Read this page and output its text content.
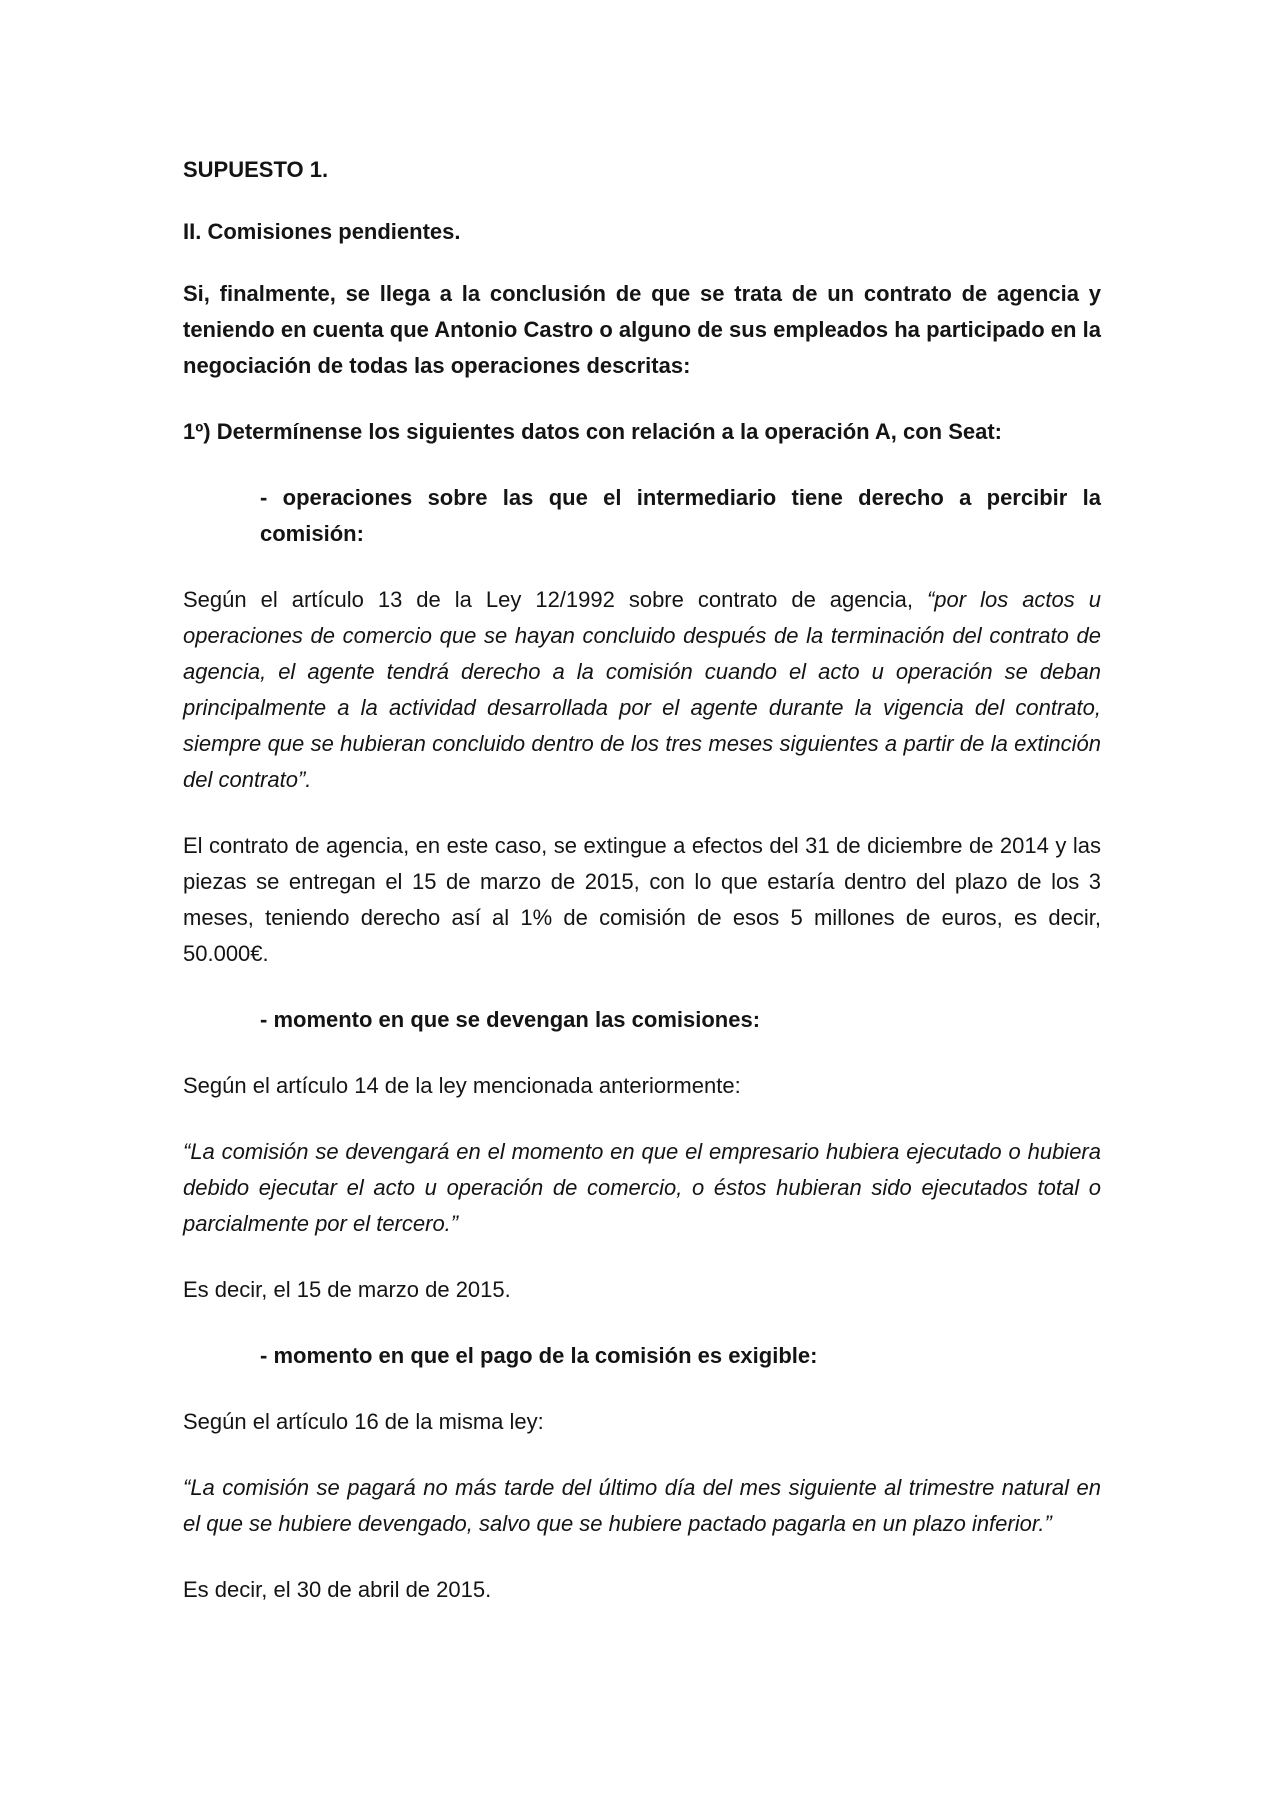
SUPUESTO 1.

II. Comisiones pendientes.

Si, finalmente, se llega a la conclusión de que se trata de un contrato de agencia y teniendo en cuenta que Antonio Castro o alguno de sus empleados ha participado en la negociación de todas las operaciones descritas:

1º) Determínense los siguientes datos con relación a la operación A, con Seat:

- operaciones sobre las que el intermediario tiene derecho a percibir la comisión:

Según el artículo 13 de la Ley 12/1992 sobre contrato de agencia, “por los actos u operaciones de comercio que se hayan concluido después de la terminación del contrato de agencia, el agente tendrá derecho a la comisión cuando el acto u operación se deban principalmente a la actividad desarrollada por el agente durante la vigencia del contrato, siempre que se hubieran concluido dentro de los tres meses siguientes a partir de la extinción del contrato”.

El contrato de agencia, en este caso, se extingue a efectos del 31 de diciembre de 2014 y las piezas se entregan el 15 de marzo de 2015, con lo que estaría dentro del plazo de los 3 meses, teniendo derecho así al 1% de comisión de esos 5 millones de euros, es decir, 50.000€.

- momento en que se devengan las comisiones:

Según el artículo 14 de la ley mencionada anteriormente:

“La comisión se devengará en el momento en que el empresario hubiera ejecutado o hubiera debido ejecutar el acto u operación de comercio, o éstos hubieran sido ejecutados total o parcialmente por el tercero.”

Es decir, el 15 de marzo de 2015.

- momento en que el pago de la comisión es exigible:

Según el artículo 16 de la misma ley:

“La comisión se pagará no más tarde del último día del mes siguiente al trimestre natural en el que se hubiere devengado, salvo que se hubiere pactado pagarla en un plazo inferior.”

Es decir, el 30 de abril de 2015.
